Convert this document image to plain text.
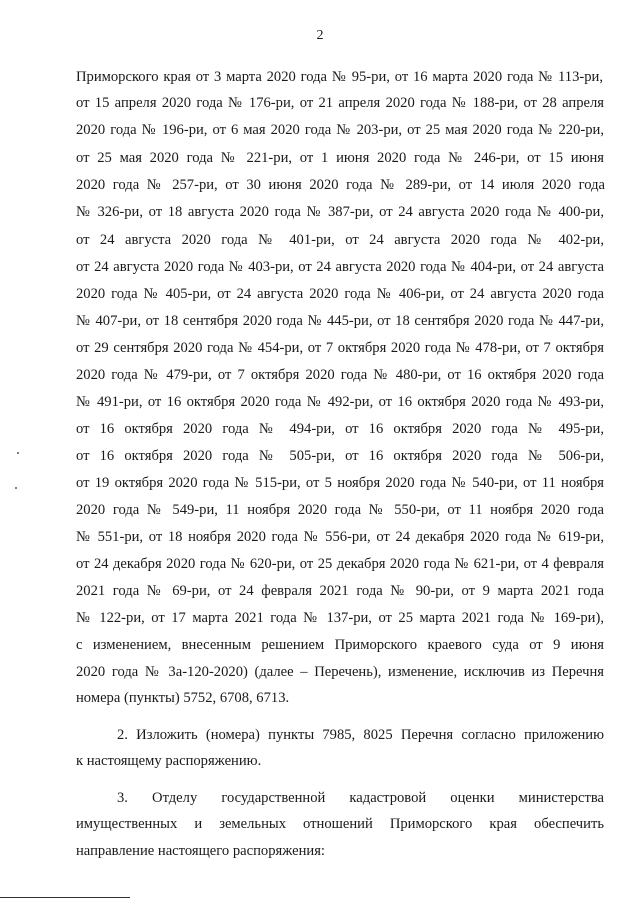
2
Приморского края от 3 марта 2020 года № 95-ри, от 16 марта 2020 года № 113-ри,
от 15 апреля 2020 года № 176-ри, от 21 апреля 2020 года № 188-ри, от 28 апреля
2020 года № 196-ри, от 6 мая 2020 года № 203-ри, от 25 мая 2020 года № 220-ри,
от 25 мая 2020 года № 221-ри, от 1 июня 2020 года № 246-ри, от 15 июня
2020 года № 257-ри, от 30 июня 2020 года № 289-ри, от 14 июля 2020 года
№ 326-ри, от 18 августа 2020 года № 387-ри, от 24 августа 2020 года № 400-ри,
от 24 августа 2020 года № 401-ри, от 24 августа 2020 года № 402-ри,
от 24 августа 2020 года № 403-ри, от 24 августа 2020 года № 404-ри, от 24 августа
2020 года № 405-ри, от 24 августа 2020 года № 406-ри, от 24 августа 2020 года
№ 407-ри, от 18 сентября 2020 года № 445-ри, от 18 сентября 2020 года № 447-ри,
от 29 сентября 2020 года № 454-ри, от 7 октября 2020 года № 478-ри, от 7 октября
2020 года № 479-ри, от 7 октября 2020 года № 480-ри, от 16 октября 2020 года
№ 491-ри, от 16 октября 2020 года № 492-ри, от 16 октября 2020 года № 493-ри,
от 16 октября 2020 года № 494-ри, от 16 октября 2020 года № 495-ри,
от 16 октября 2020 года № 505-ри, от 16 октября 2020 года № 506-ри,
от 19 октября 2020 года № 515-ри, от 5 ноября 2020 года № 540-ри, от 11 ноября
2020 года № 549-ри, 11 ноября 2020 года № 550-ри, от 11 ноября 2020 года
№ 551-ри, от 18 ноября 2020 года № 556-ри, от 24 декабря 2020 года № 619-ри,
от 24 декабря 2020 года № 620-ри, от 25 декабря 2020 года № 621-ри, от 4 февраля
2021 года № 69-ри, от 24 февраля 2021 года № 90-ри, от 9 марта 2021 года
№ 122-ри, от 17 марта 2021 года № 137-ри, от 25 марта 2021 года № 169-ри),
с изменением, внесенным решением Приморского краевого суда от 9 июня
2020 года № 3а-120-2020) (далее – Перечень), изменение, исключив из Перечня
номера (пункты) 5752, 6708, 6713.
2. Изложить (номера) пункты 7985, 8025 Перечня согласно приложению
к настоящему распоряжению.
3. Отделу государственной кадастровой оценки министерства
имущественных и земельных отношений Приморского края обеспечить
направление настоящего распоряжения:
